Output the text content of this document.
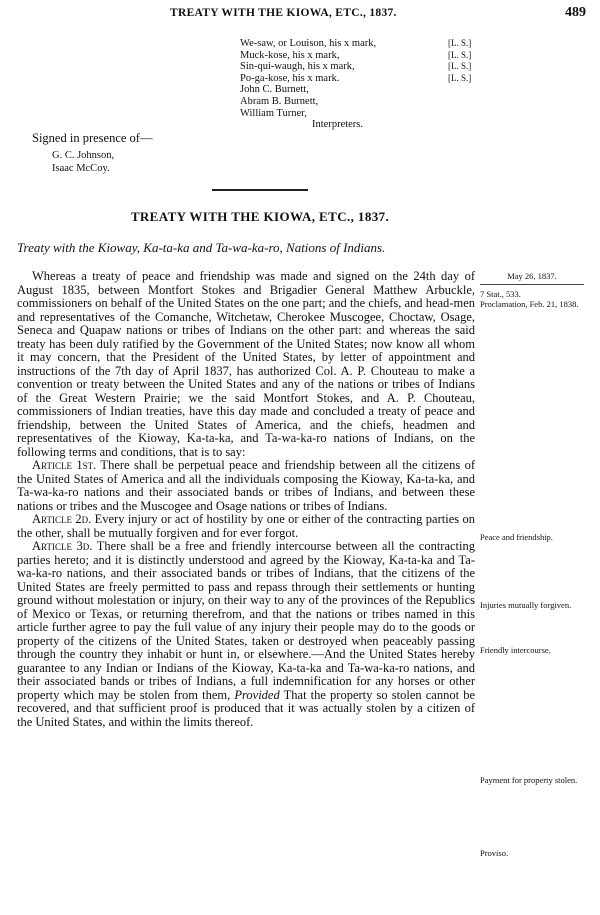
TREATY WITH THE KIOWA, ETC., 1837.	489
We-saw, or Louison, his x mark,	[L. S.]
Muck-kose, his x mark,	[L. S.]
Sin-qui-waugh, his x mark,	[L. S.]
Po-ga-kose, his x mark.	[L. S.]
John C. Burnett,
Abram B. Burnett,
William Turner,
Interpreters.
Signed in presence of—
G. C. Johnson,
Isaac McCoy.
TREATY WITH THE KIOWA, ETC., 1837.
Treaty with the Kioway, Ka-ta-ka and Ta-wa-ka-ro, Nations of Indians.

Whereas a treaty of peace and friendship was made and signed on the 24th day of August 1835, between Montfort Stokes and Brigadier General Matthew Arbuckle, commissioners on behalf of the United States on the one part; and the chiefs, and head-men and representatives of the Comanche, Witchetaw, Cherokee Muscogee, Choctaw, Osage, Seneca and Quapaw nations or tribes of Indians on the other part: and whereas the said treaty has been duly ratified by the Government of the United States; now know all whom it may concern, that the President of the United States, by letter of appointment and instructions of the 7th day of April 1837, has authorized Col. A. P. Chouteau to make a convention or treaty between the United States and any of the nations or tribes of Indians of the Great Western Prairie; we the said Montfort Stokes, and A. P. Chouteau, commissioners of Indian treaties, have this day made and concluded a treaty of peace and friendship, between the United States of America, and the chiefs, headmen and representatives of the Kioway, Ka-ta-ka, and Ta-wa-ka-ro nations of Indians, on the following terms and conditions, that is to say:

Article 1st. There shall be perpetual peace and friendship between all the citizens of the United States of America and all the individuals composing the Kioway, Ka-ta-ka, and Ta-wa-ka-ro nations and their associated bands or tribes of Indians, and between these nations or tribes and the Muscogee and Osage nations or tribes of Indians.

Article 2d. Every injury or act of hostility by one or either of the contracting parties on the other, shall be mutually forgiven and for ever forgot.

Article 3d. There shall be a free and friendly intercourse between all the contracting parties hereto; and it is distinctly understood and agreed by the Kioway, Ka-ta-ka and Ta-wa-ka-ro nations, and their associated bands or tribes of Indians, that the citizens of the United States are freely permitted to pass and repass through their settlements or hunting ground without molestation or injury, on their way to any of the provinces of the Republics of Mexico or Texas, or returning therefrom, and that the nations or tribes named in this article further agree to pay the full value of any injury their people may do to the goods or property of the citizens of the United States, taken or destroyed when peaceably passing through the country they inhabit or hunt in, or elsewhere.—And the United States hereby guarantee to any Indian or Indians of the Kioway, Ka-ta-ka and Ta-wa-ka-ro nations, and their associated bands or tribes of Indians, a full indemnification for any horses or other property which may be stolen from them, Provided That the property so stolen cannot be recovered, and that sufficient proof is produced that it was actually stolen by a citizen of the United States, and within the limits thereof.

May 26, 1837.
7 Stat., 533.
Proclamation, Feb. 21, 1838.
Peace and friendship.
Injuries mutually forgiven.
Friendly intercourse.
Payment for property stolen.
Proviso.
